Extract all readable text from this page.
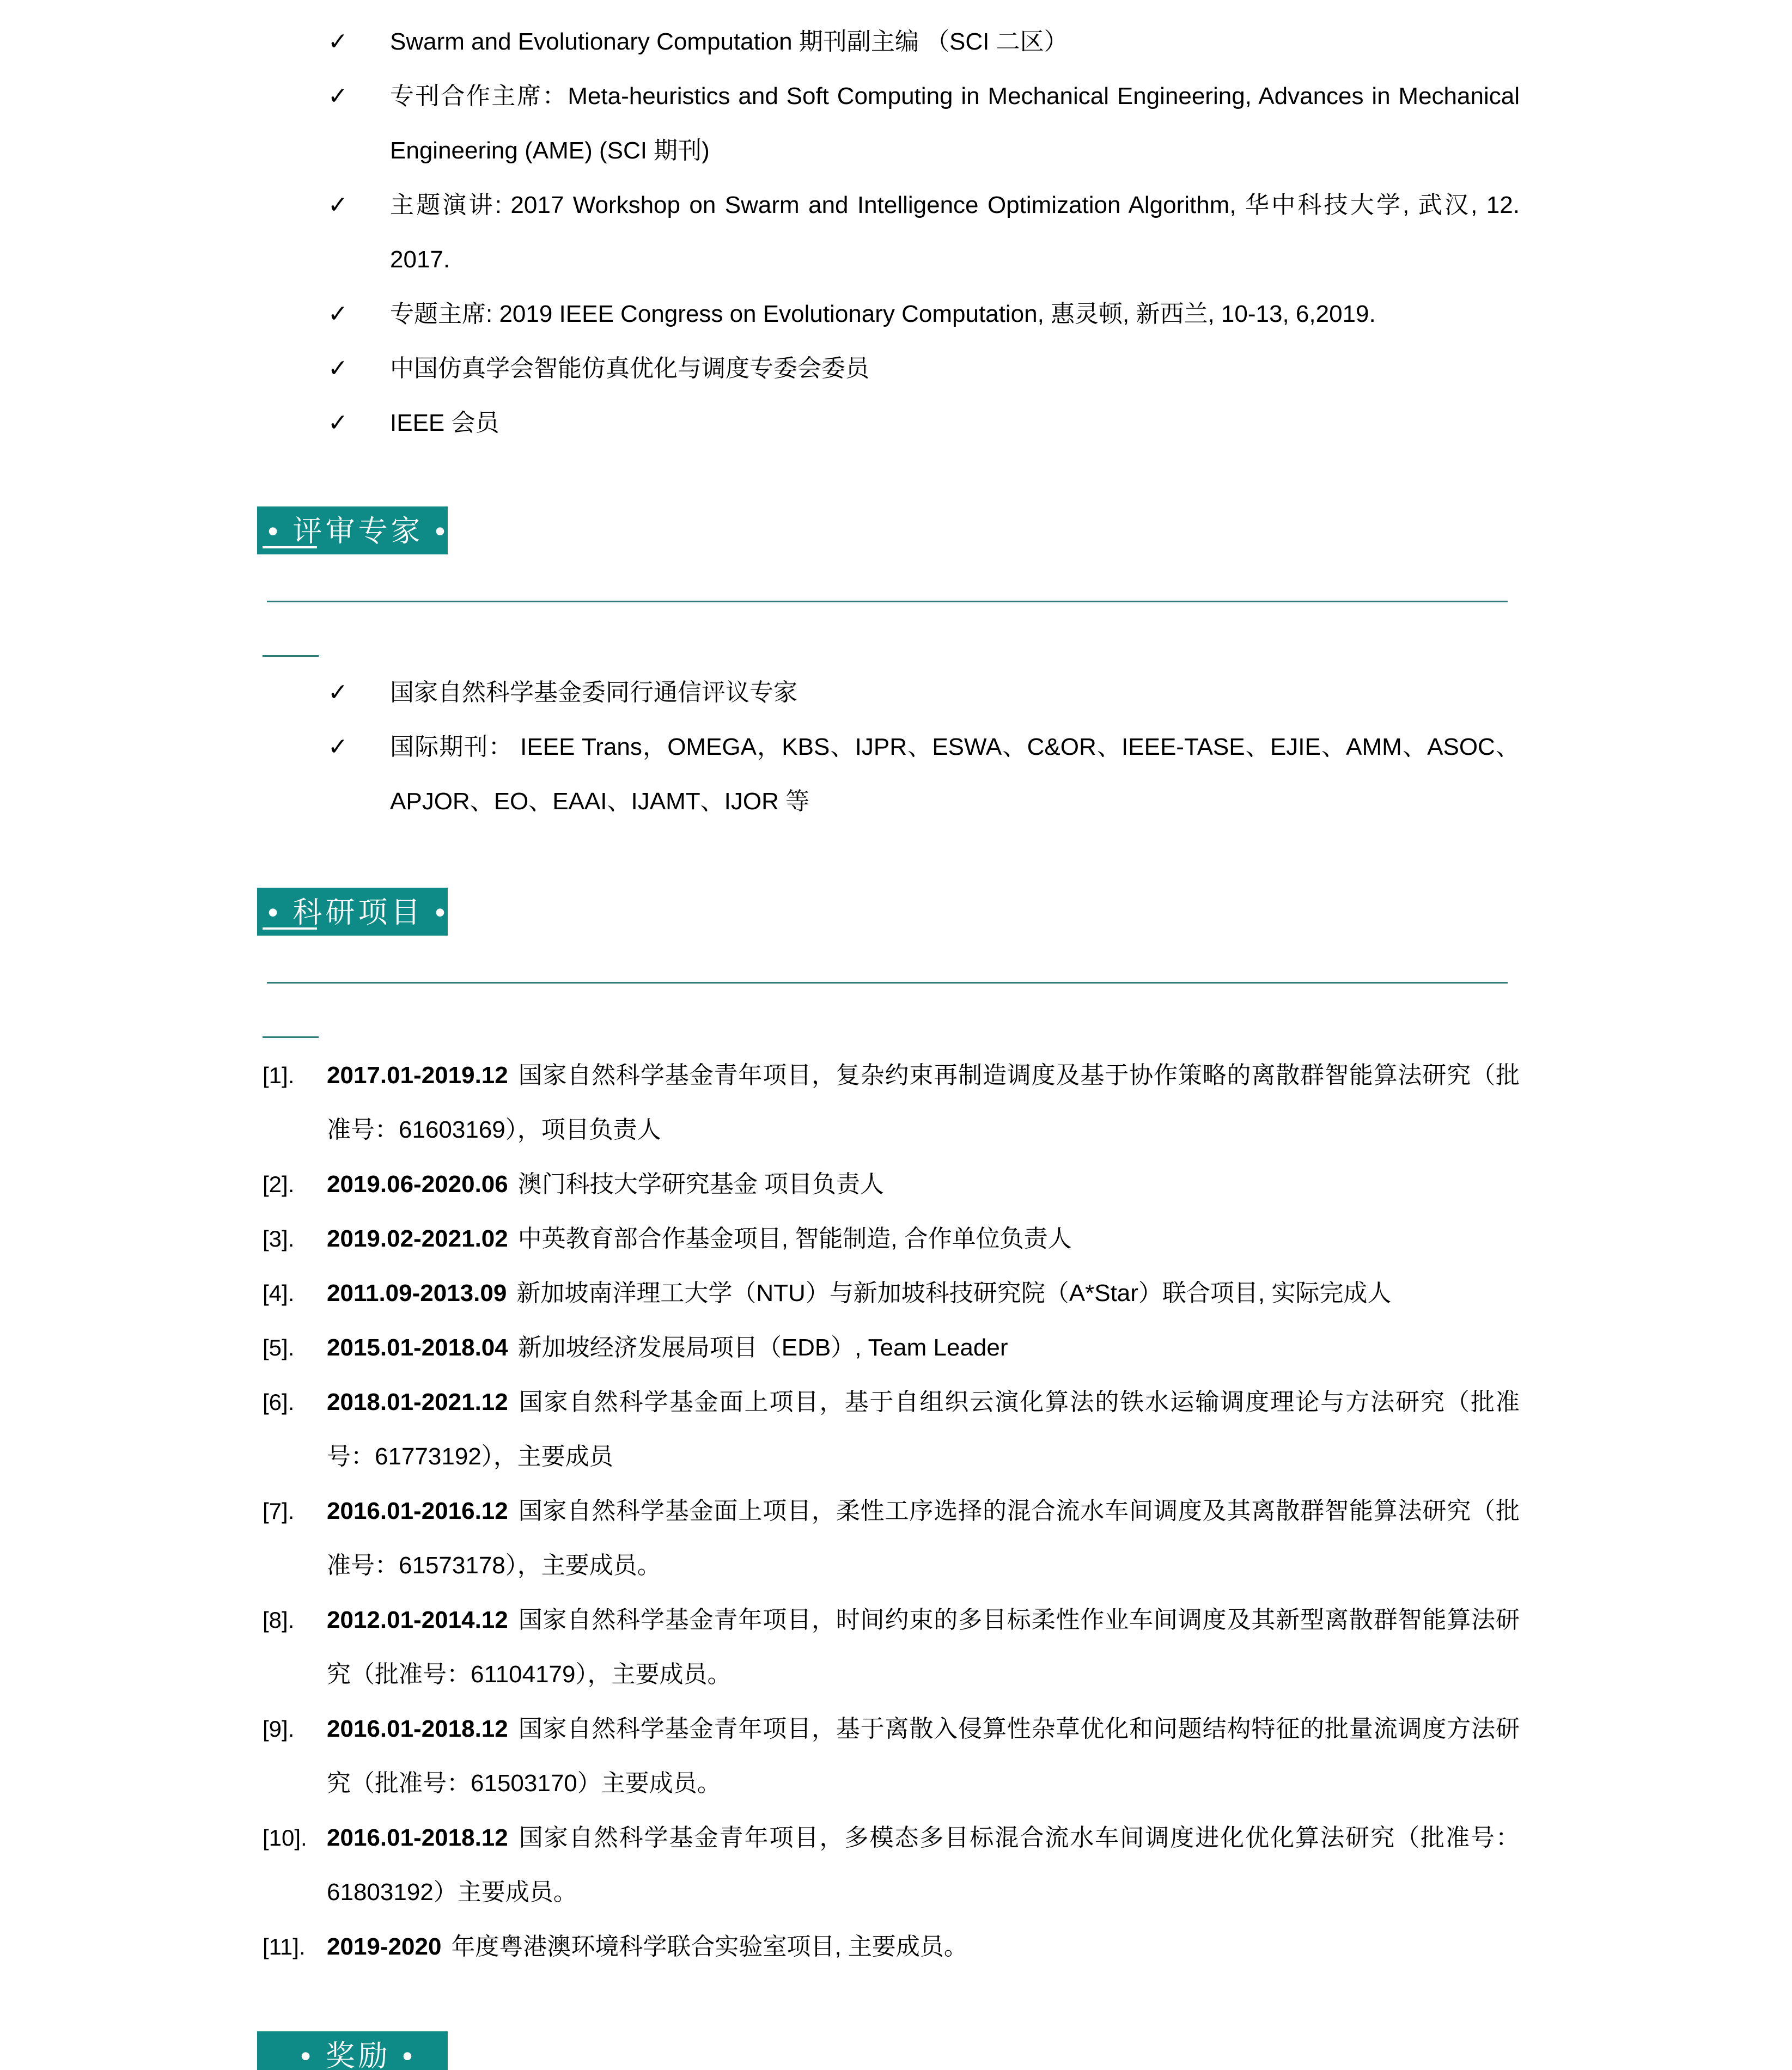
✓ Swarm and Evolutionary Computation 期刊副主编 （SCI 二区）
✓ 专刊合作主席：Meta-heuristics and Soft Computing in Mechanical Engineering, Advances in Mechanical Engineering (AME) (SCI 期刊)
✓ 主题演讲: 2017 Workshop on Swarm and Intelligence Optimization Algorithm, 华中科技大学, 武汉, 12. 2017.
✓ 专题主席: 2019 IEEE Congress on Evolutionary Computation, 惠灵顿, 新西兰, 10-13, 6,2019.
✓ 中国仿真学会智能仿真优化与调度专委会委员
✓ IEEE 会员
• 评审专家 •
✓ 国家自然科学基金委同行通信评议专家
✓ 国际期刊： IEEE Trans，OMEGA，KBS、IJPR、ESWA、C&OR、IEEE-TASE、EJIE、AMM、ASOC、APJOR、EO、EAAI、IJAMT、IJOR 等
• 科研项目 •
[1]. 2017.01-2019.12 国家自然科学基金青年项目，复杂约束再制造调度及基于协作策略的离散群智能算法研究（批准号：61603169），项目负责人
[2]. 2019.06-2020.06 澳门科技大学研究基金 项目负责人
[3]. 2019.02-2021.02 中英教育部合作基金项目, 智能制造, 合作单位负责人
[4]. 2011.09-2013.09 新加坡南洋理工大学（NTU）与新加坡科技研究院（A*Star）联合项目, 实际完成人
[5]. 2015.01-2018.04 新加坡经济发展局项目（EDB）, Team Leader
[6]. 2018.01-2021.12 国家自然科学基金面上项目，基于自组织云演化算法的铁水运输调度理论与方法研究（批准号：61773192），主要成员
[7]. 2016.01-2016.12 国家自然科学基金面上项目，柔性工序选择的混合流水车间调度及其离散群智能算法研究（批准号：61573178），主要成员。
[8]. 2012.01-2014.12 国家自然科学基金青年项目，时间约束的多目标柔性作业车间调度及其新型离散群智能算法研究（批准号：61104179），主要成员。
[9]. 2016.01-2018.12 国家自然科学基金青年项目，基于离散入侵算性杂草优化和问题结构特征的批量流调度方法研究（批准号：61503170）主要成员。
[10]. 2016.01-2018.12 国家自然科学基金青年项目，多模态多目标混合流水车间调度进化优化算法研究（批准号：61803192）主要成员。
[11]. 2019-2020 年度粤港澳环境科学联合实验室项目, 主要成员。
• 奖励 •
